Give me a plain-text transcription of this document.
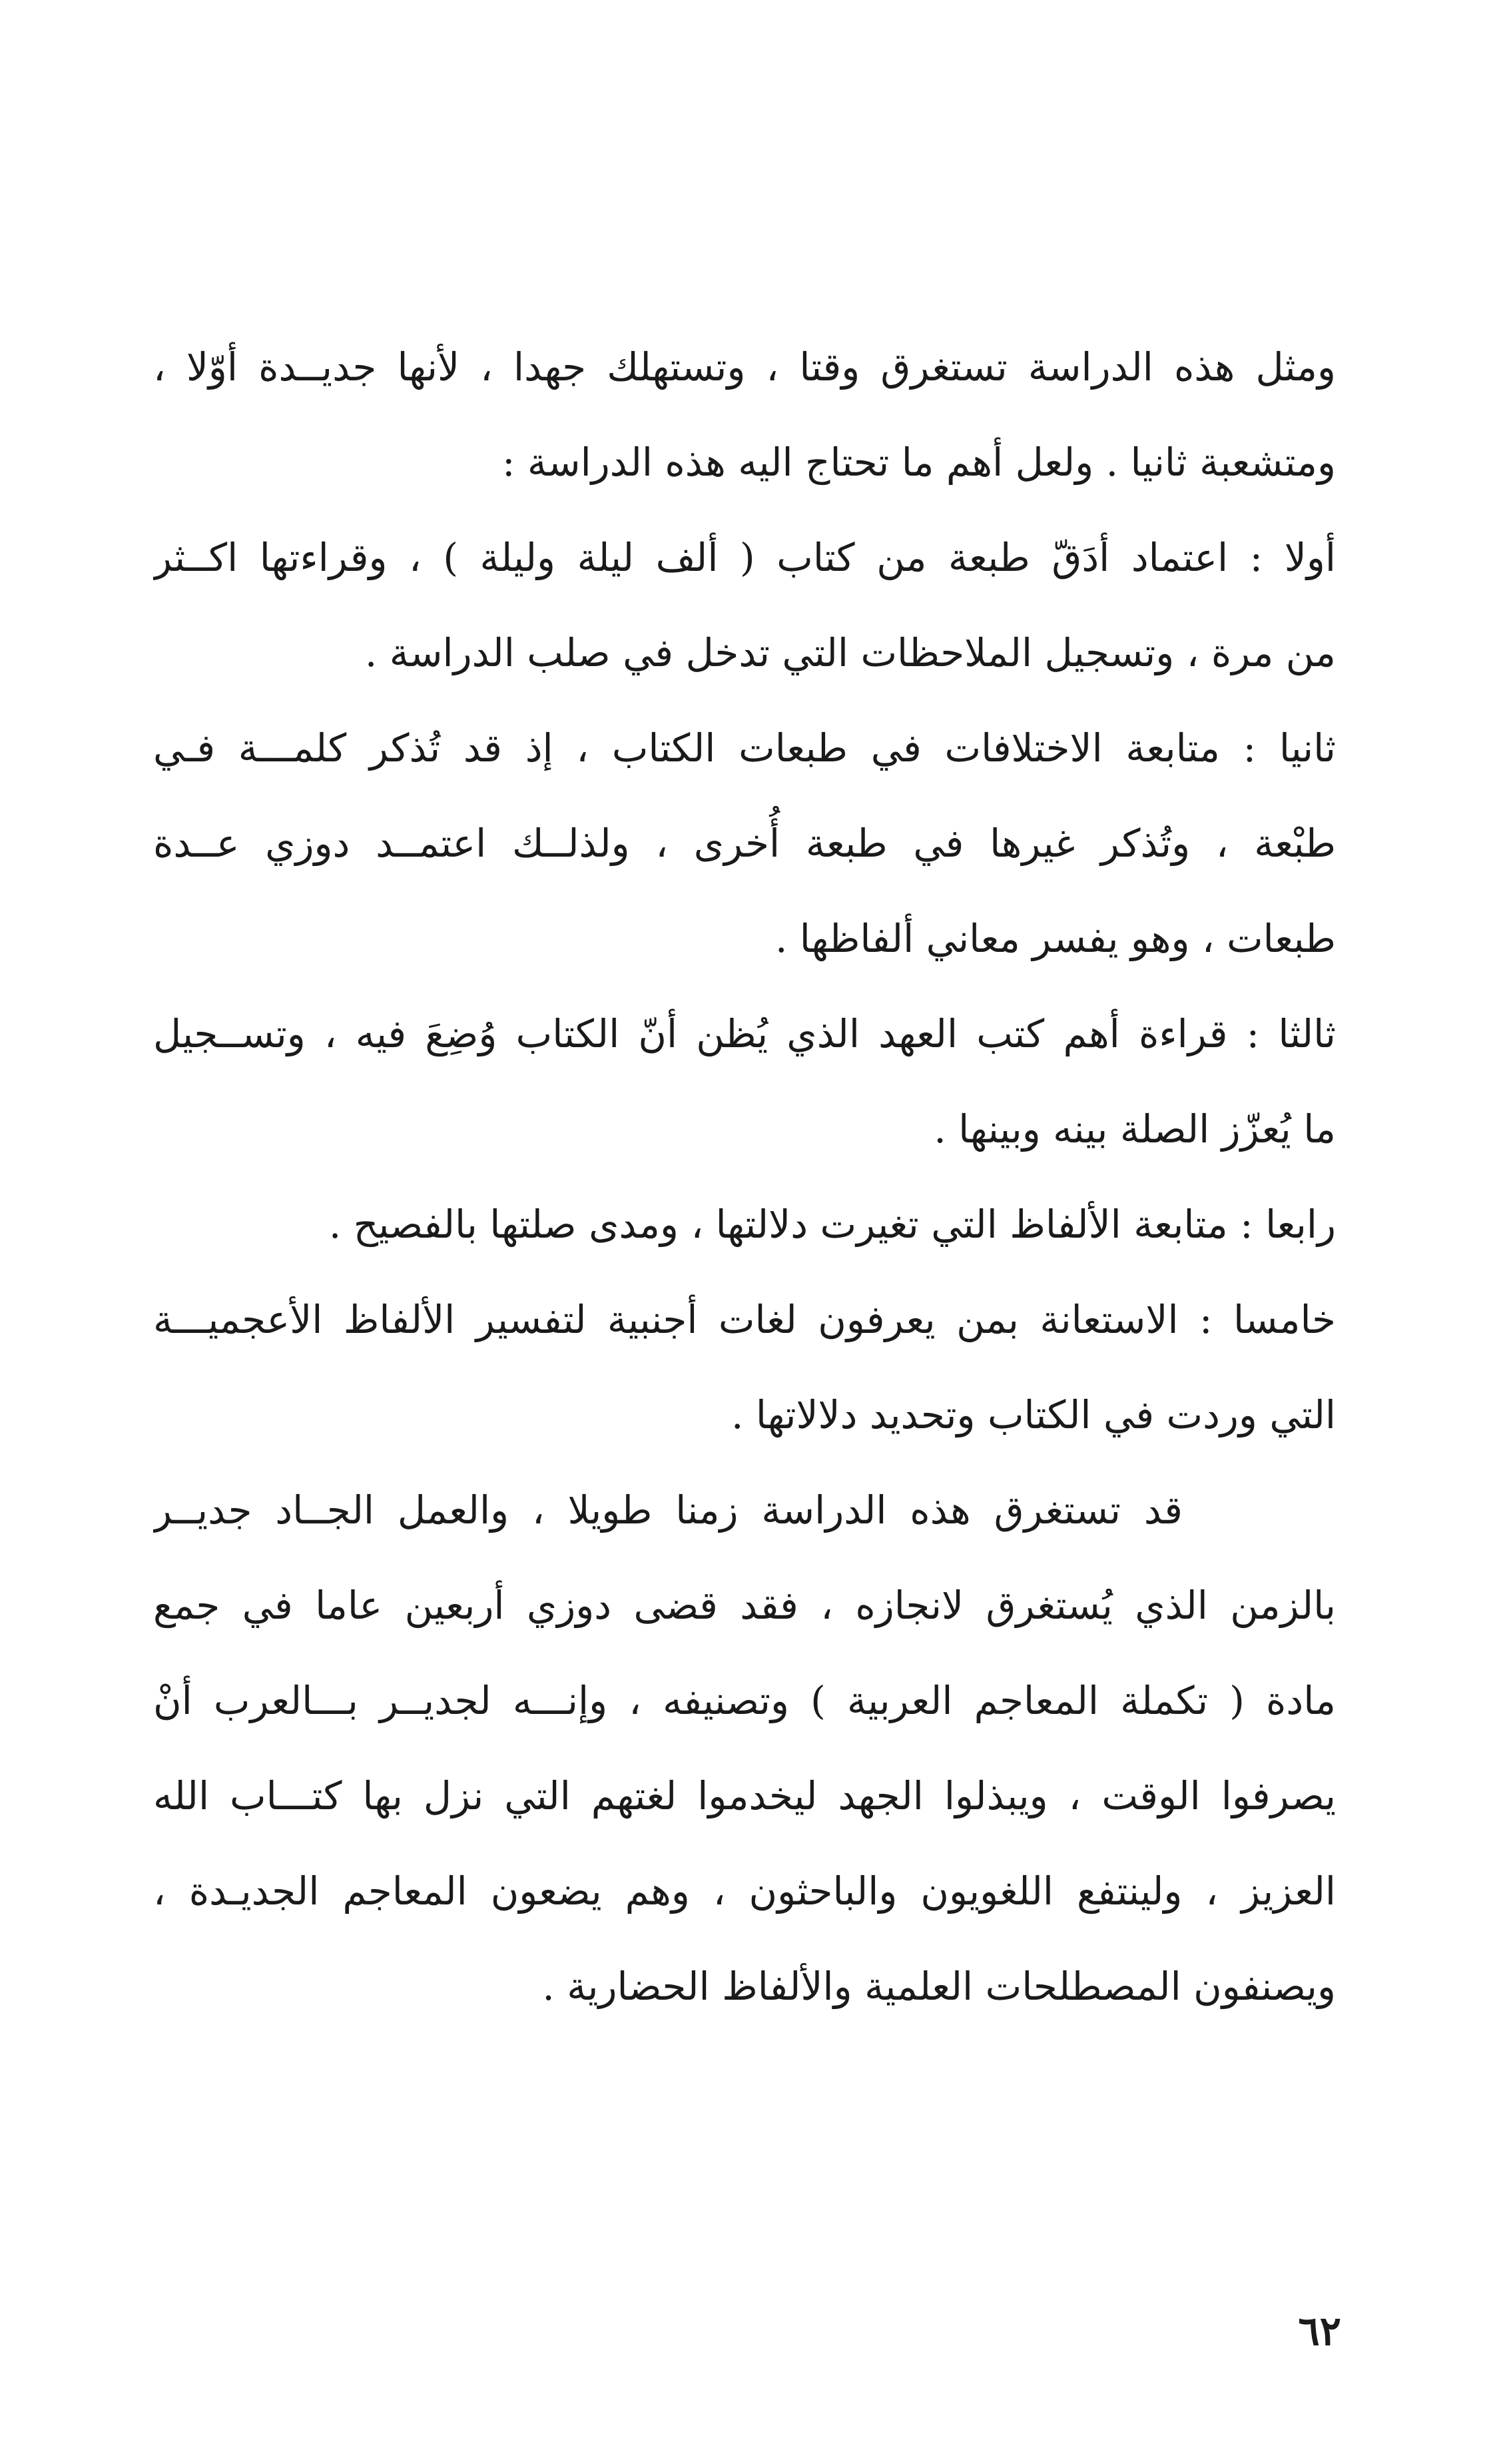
ومثل هذه الدراسة تستغرق وقتا ، وتستهلك جهدا ، لأنها جديــدة أوّلا ،
ومتشعبة ثانيا . ولعل أهم ما تحتاج اليه هذه الدراسة :
أولا : اعتماد أدَقّ طبعة من كتاب ( ألف ليلة وليلة ) ، وقراءتها اكــثر
من مرة ، وتسجيل الملاحظات التي تدخل في صلب الدراسة .
ثانيا : متابعة الاختلافات في طبعات الكتاب ، إذ قد تُذكر كلمـــة فـي
طبْعة ، وتُذكر غيرها في طبعة أُخرى ، ولذلــك اعتمــد دوزي عــدة
طبعات ، وهو يفسر معاني ألفاظها .
ثالثا : قراءة أهم كتب العهد الذي يُظن أنّ الكتاب وُضِعَ فيه ، وتســجيل
ما يُعزّز الصلة بينه وبينها .
رابعا : متابعة الألفاظ التي تغيرت دلالتها ، ومدى صلتها بالفصيح .
خامسا : الاستعانة بمن يعرفون لغات أجنبية لتفسير الألفاظ الأعجميـــة
التي وردت في الكتاب وتحديد دلالاتها .
قد تستغرق هذه الدراسة زمنا طويلا ، والعمل الجــاد جديــر
بالزمن الذي يُستغرق لانجازه ، فقد قضى دوزي أربعين عاما في جمع
مادة ( تكملة المعاجم العربية ) وتصنيفه ، وإنـــه لجديــر بـــالعرب أنْ
يصرفوا الوقت ، ويبذلوا الجهد ليخدموا لغتهم التي نزل بها كتـــاب الله
العزيز ، ولينتفع اللغويون والباحثون ، وهم يضعون المعاجم الجديـدة ،
ويصنفون المصطلحات العلمية والألفاظ الحضارية .
٦٢
